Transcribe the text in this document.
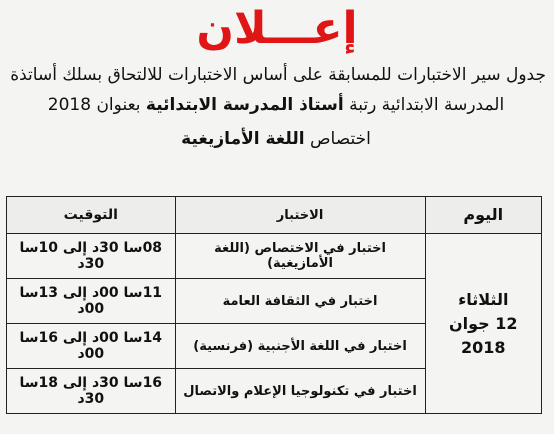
إعـــلان
جدول سير الاختبارات للمسابقة على أساس الاختبارات للالتحاق بسلك أساتذة
المدرسة الابتدائية رتبة أستاذ المدرسة الابتدائية بعنوان 2018
اختصاص اللغة الأمازيغية
اليوم	الاختبار	التوقيت

الثلاثاء
12 جوان 2018	اختبار في الاختصاص (اللغة الأمازيغية)	08سا 30د إلى 10سا 30د
	اختبار في الثقافة العامة	11سا 00د إلى 13سا 00د
	اختبار في اللغة الأجنبية (فرنسية)	14سا 00د إلى 16سا 00د
	اختبار في تكنولوجيا الإعلام والاتصال	16سا 30د إلى 18سا 30د
